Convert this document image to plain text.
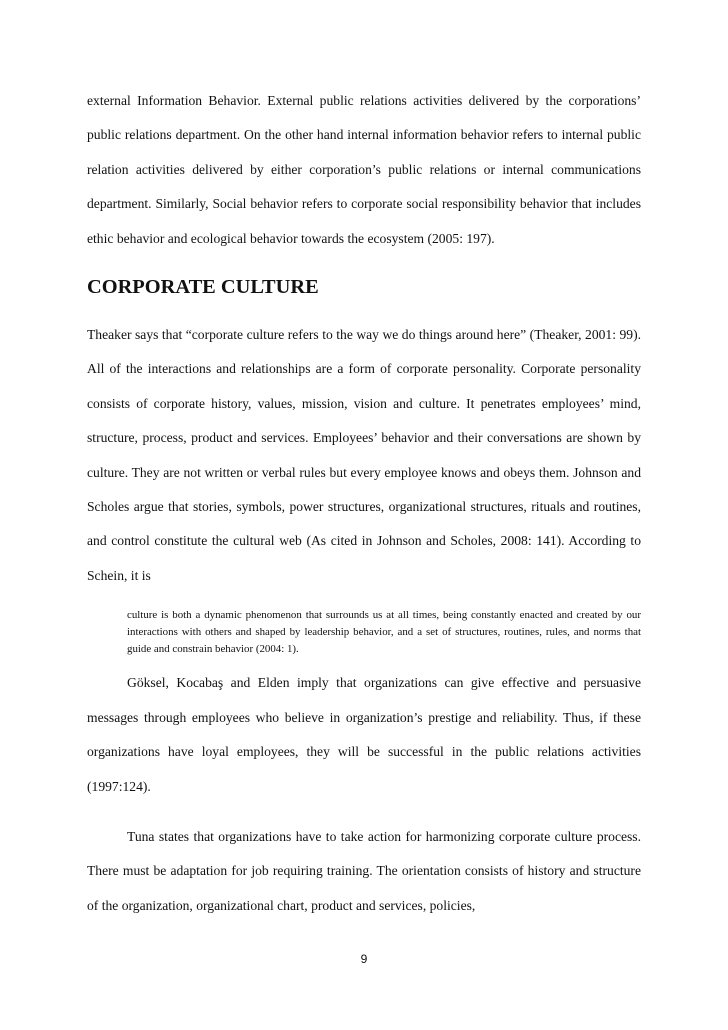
external Information Behavior. External public relations activities delivered by the corporations’ public relations department. On the other hand internal information behavior refers to internal public relation activities delivered by either corporation’s public relations or internal communications department. Similarly, Social behavior refers to corporate social responsibility behavior that includes ethic behavior and ecological behavior towards the ecosystem (2005: 197).

CORPORATE CULTURE

Theaker says that “corporate culture refers to the way we do things around here” (Theaker, 2001: 99). All of the interactions and relationships are a form of corporate personality. Corporate personality consists of corporate history, values, mission, vision and culture. It penetrates employees’ mind, structure, process, product and services. Employees’ behavior and their conversations are shown by culture. They are not written or verbal rules but every employee knows and obeys them. Johnson and Scholes argue that stories, symbols, power structures, organizational structures, rituals and routines, and control constitute the cultural web (As cited in Johnson and Scholes, 2008: 141). According to Schein, it is

culture is both a dynamic phenomenon that surrounds us at all times, being constantly enacted and created by our interactions with others and shaped by leadership behavior, and a set of structures, routines, rules, and norms that guide and constrain behavior (2004: 1).

Göksel, Kocabaş and Elden imply that organizations can give effective and persuasive messages through employees who believe in organization’s prestige and reliability. Thus, if these organizations have loyal employees, they will be successful in the public relations activities (1997:124).

Tuna states that organizations have to take action for harmonizing corporate culture process. There must be adaptation for job requiring training. The orientation consists of history and structure of the organization, organizational chart, product and services, policies,

9
